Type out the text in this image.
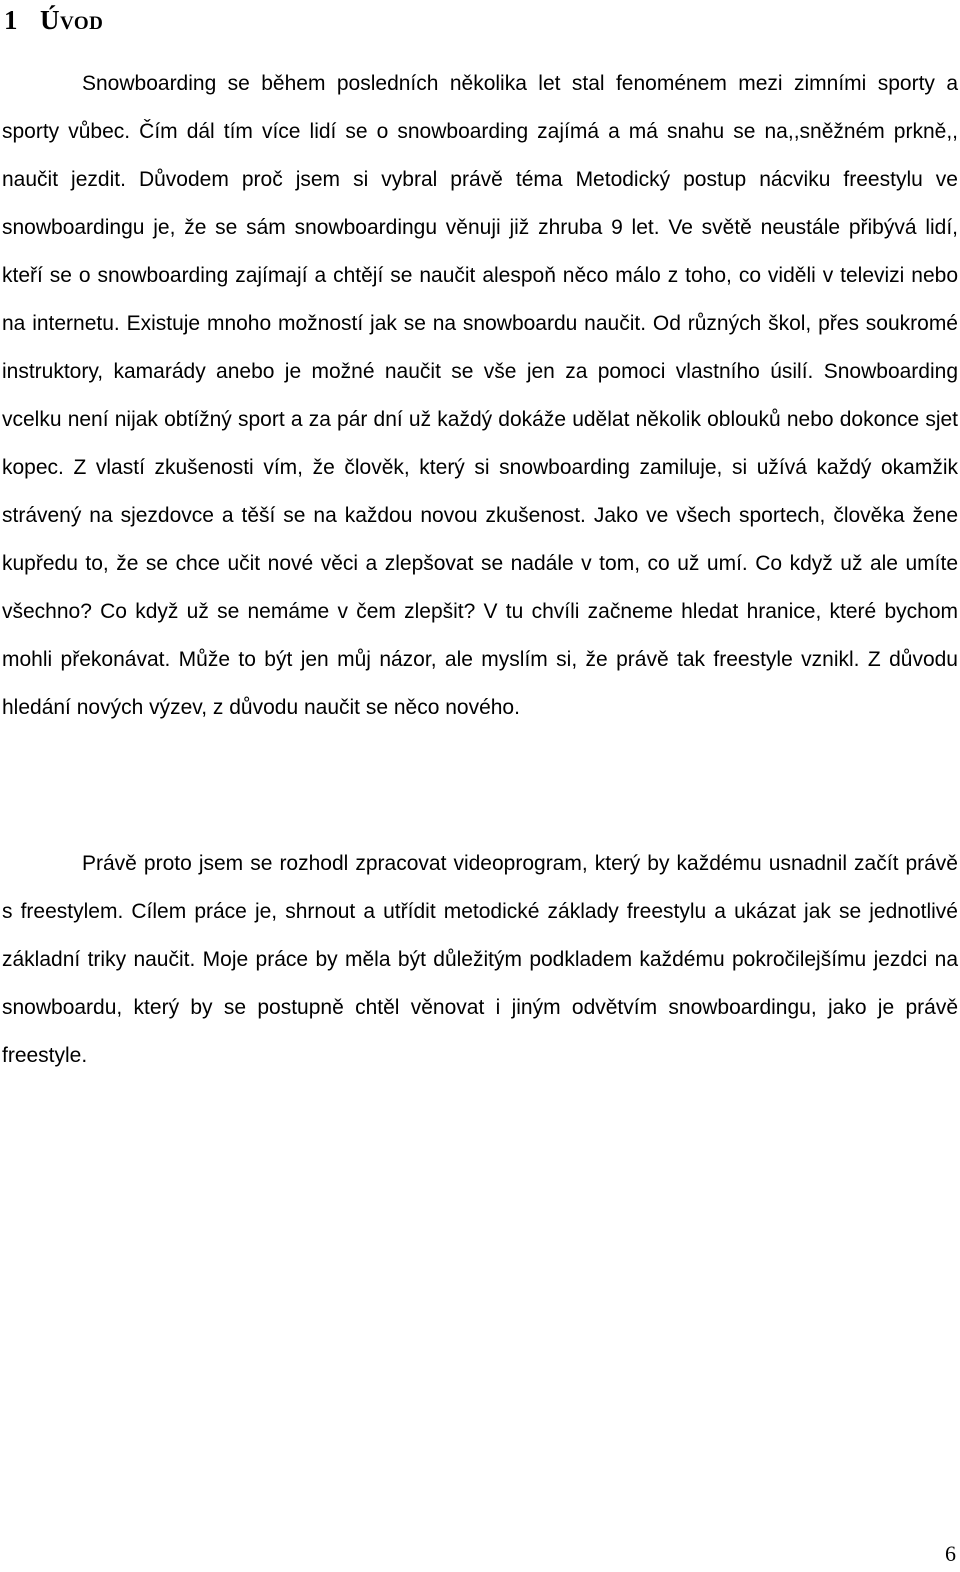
1 Úvod

Snowboarding se během posledních několika let stal fenoménem mezi zimními sporty a sporty vůbec. Čím dál tím více lidí se o snowboarding zajímá a má snahu se na,,sněžném prkně,, naučit jezdit. Důvodem proč jsem si vybral právě téma Metodický postup nácviku freestylu ve snowboardingu je, že se sám snowboardingu věnuji již zhruba 9 let. Ve světě neustále přibývá lidí, kteří se o snowboarding zajímají a chtějí se naučit alespoň něco málo z toho, co viděli v televizi nebo na internetu. Existuje mnoho možností jak se na snowboardu naučit. Od různých škol, přes soukromé instruktory, kamarády anebo je možné naučit se vše jen za pomoci vlastního úsilí. Snowboarding vcelku není nijak obtížný sport a za pár dní už každý dokáže udělat několik oblouků nebo dokonce sjet kopec. Z vlastí zkušenosti vím, že člověk, který si snowboarding zamiluje, si užívá každý okamžik strávený na sjezdovce a těší se na každou novou zkušenost. Jako ve všech sportech, člověka žene kupředu to, že se chce učit nové věci a zlepšovat se nadále v tom, co už umí. Co když už ale umíte všechno? Co když už se nemáme v čem zlepšit? V tu chvíli začneme hledat hranice, které bychom mohli překonávat. Může to být jen můj názor, ale myslím si, že právě tak freestyle vznikl. Z důvodu hledání nových výzev, z důvodu naučit se něco nového.

Právě proto jsem se rozhodl zpracovat videoprogram, který by každému usnadnil začít právě s freestylem. Cílem práce je, shrnout a utřídit metodické základy freestylu a ukázat jak se jednotlivé základní triky naučit. Moje práce by měla být důležitým podkladem každému pokročilejšímu jezdci na snowboardu, který by se postupně chtěl věnovat i jiným odvětvím snowboardingu, jako je právě freestyle.

6
